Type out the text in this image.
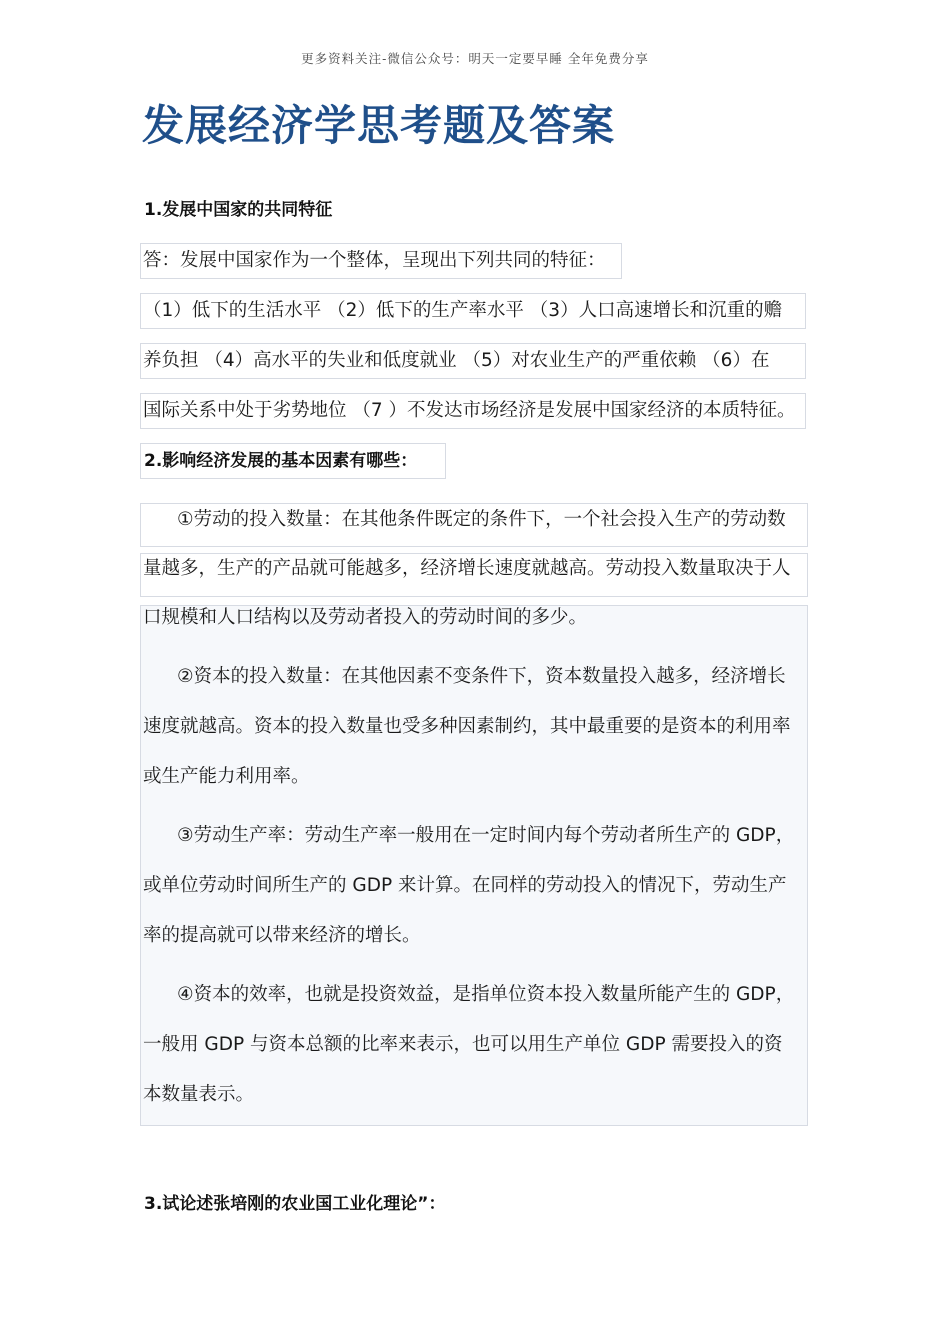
更多资料关注-微信公众号：明天一定要早睡 全年免费分享
发展经济学思考题及答案
1.发展中国家的共同特征
答：发展中国家作为一个整体，呈现出下列共同的特征：
（1）低下的生活水平 （2）低下的生产率水平 （3）人口高速增长和沉重的赡
养负担 （4）高水平的失业和低度就业 （5）对农业生产的严重依赖 （6）在
国际关系中处于劣势地位 （7 ）不发达市场经济是发展中国家经济的本质特征。
2.影响经济发展的基本因素有哪些：
①劳动的投入数量：在其他条件既定的条件下，一个社会投入生产的劳动数
量越多，生产的产品就可能越多，经济增长速度就越高。劳动投入数量取决于人
口规模和人口结构以及劳动者投入的劳动时间的多少。
②资本的投入数量：在其他因素不变条件下，资本数量投入越多，经济增长
速度就越高。资本的投入数量也受多种因素制约，其中最重要的是资本的利用率
或生产能力利用率。
③劳动生产率：劳动生产率一般用在一定时间内每个劳动者所生产的 GDP，
或单位劳动时间所生产的 GDP 来计算。在同样的劳动投入的情况下，劳动生产
率的提高就可以带来经济的增长。
④资本的效率，也就是投资效益，是指单位资本投入数量所能产生的 GDP，
一般用 GDP 与资本总额的比率来表示，也可以用生产单位 GDP 需要投入的资
本数量表示。
3.试论述张培刚的农业国工业化理论”：
